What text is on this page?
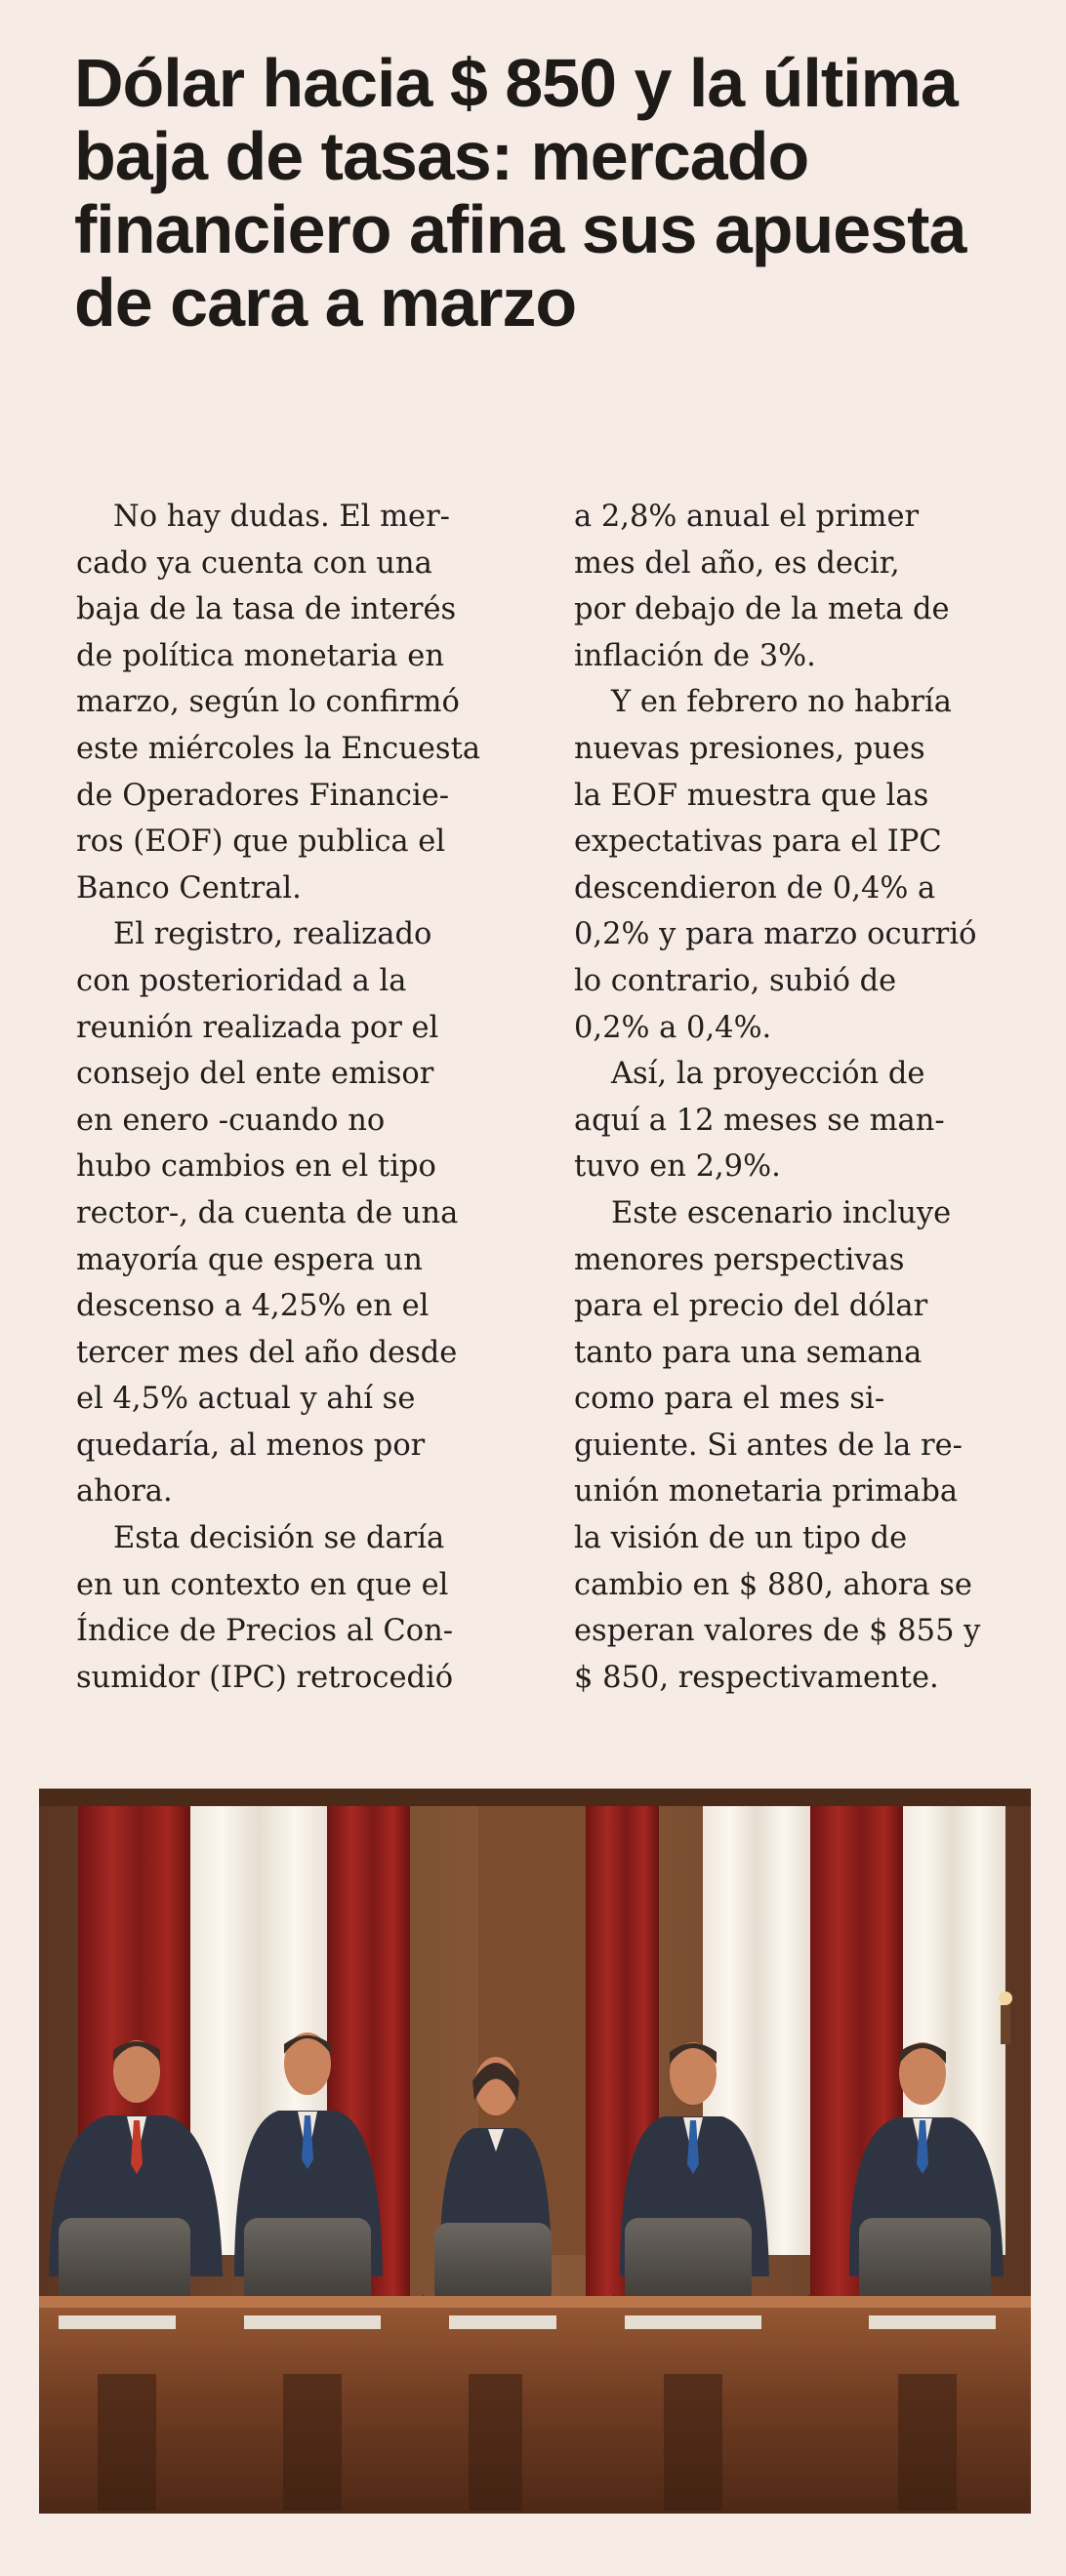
Dólar hacia $ 850 y la última
baja de tasas: mercado
financiero afina sus apuesta
de cara a marzo
No hay dudas. El mer-
cado ya cuenta con una
baja de la tasa de interés
de política monetaria en
marzo, según lo confirmó
este miércoles la Encuesta
de Operadores Financie-
ros (EOF) que publica el
Banco Central.
El registro, realizado
con posterioridad a la
reunión realizada por el
consejo del ente emisor
en enero -cuando no
hubo cambios en el tipo
rector-, da cuenta de una
mayoría que espera un
descenso a 4,25% en el
tercer mes del año desde
el 4,5% actual y ahí se
quedaría, al menos por
ahora.
Esta decisión se daría
en un contexto en que el
Índice de Precios al Con-
sumidor (IPC) retrocedió
a 2,8% anual el primer
mes del año, es decir,
por debajo de la meta de
inflación de 3%.
Y en febrero no habría
nuevas presiones, pues
la EOF muestra que las
expectativas para el IPC
descendieron de 0,4% a
0,2% y para marzo ocurrió
lo contrario, subió de
0,2% a 0,4%.
Así, la proyección de
aquí a 12 meses se man-
tuvo en 2,9%.
Este escenario incluye
menores perspectivas
para el precio del dólar
tanto para una semana
como para el mes si-
guiente. Si antes de la re-
unión monetaria primaba
la visión de un tipo de
cambio en $ 880, ahora se
esperan valores de $ 855 y
$ 850, respectivamente.
